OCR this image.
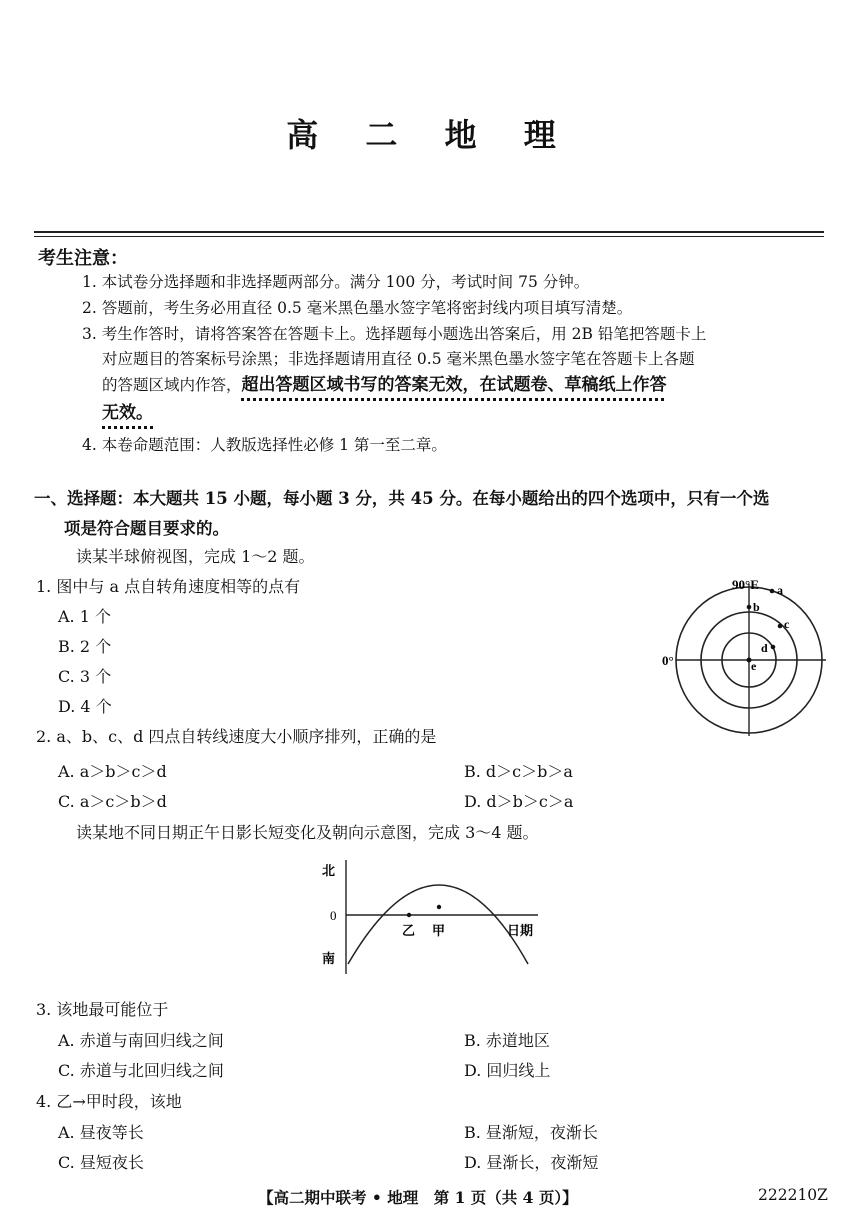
高 二 地 理
考生注意：
1. 本试卷分选择题和非选择题两部分。满分 100 分，考试时间 75 分钟。
2. 答题前，考生务必用直径 0.5 毫米黑色墨水签字笔将密封线内项目填写清楚。
3. 考生作答时，请将答案答在答题卡上。选择题每小题选出答案后，用 2B 铅笔把答题卡上
对应题目的答案标号涂黑；非选择题请用直径 0.5 毫米黑色墨水签字笔在答题卡上各题
的答题区域内作答，超出答题区域书写的答案无效，在试题卷、草稿纸上作答
无效。
4. 本卷命题范围：人教版选择性必修 1 第一至二章。
一、选择题：本大题共 15 小题，每小题 3 分，共 45 分。在每小题给出的四个选项中，只有一个选
项是符合题目要求的。
读某半球俯视图，完成 1～2 题。
1. 图中与 a 点自转角速度相等的点有
A. 1 个
B. 2 个
C. 3 个
D. 4 个
90°E
0°
a
b
c
d
e
2. a、b、c、d 四点自转线速度大小顺序排列，正确的是
A. a＞b＞c＞d	B. d＞c＞b＞a
C. a＞c＞b＞d	D. d＞b＞c＞a
读某地不同日期正午日影长短变化及朝向示意图，完成 3～4 题。
北
0
南
乙 甲	日期
3. 该地最可能位于
A. 赤道与南回归线之间	B. 赤道地区
C. 赤道与北回归线之间	D. 回归线上
4. 乙→甲时段，该地
A. 昼夜等长	B. 昼渐短，夜渐长
C. 昼短夜长	D. 昼渐长，夜渐短
【高二期中联考 • 地理　第 1 页（共 4 页）】	222210Z
